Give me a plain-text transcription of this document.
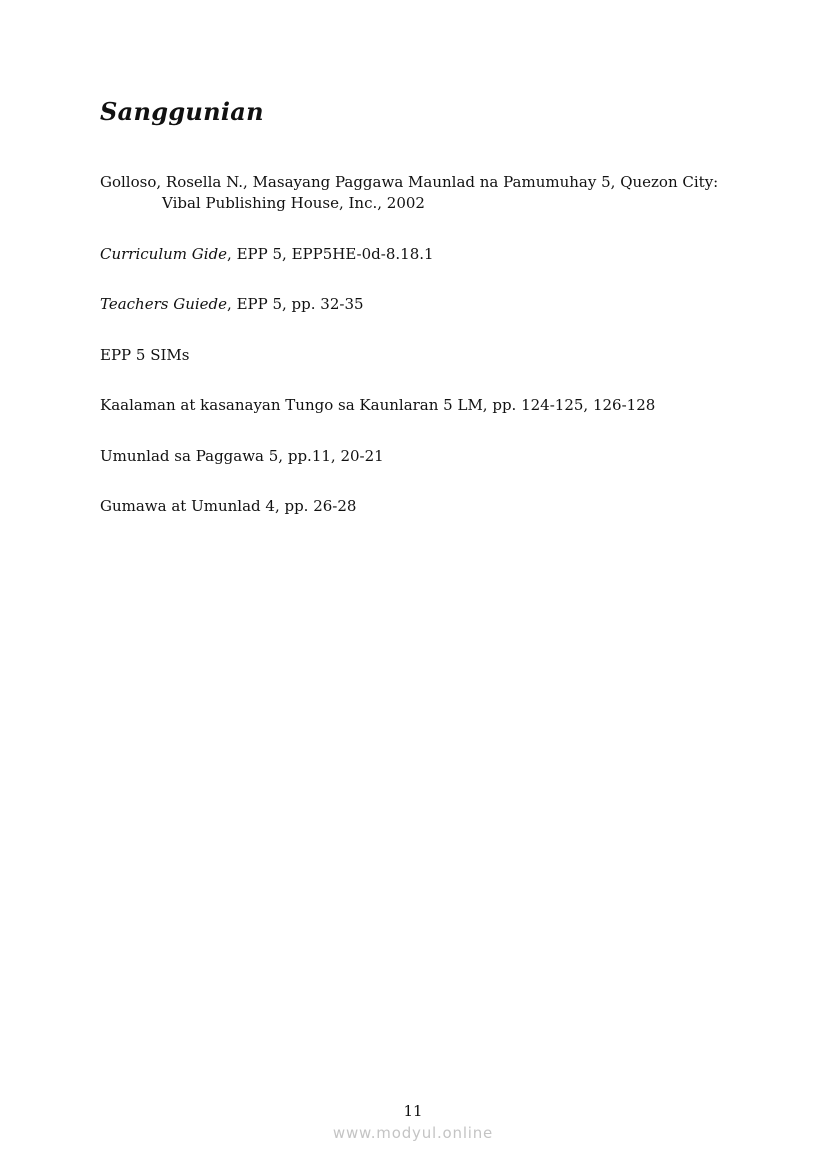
Sanggunian

Golloso, Rosella N., Masayang Paggawa Maunlad na Pamumuhay 5, Quezon City:
Vibal Publishing House, Inc., 2002

Curriculum Gide, EPP 5, EPP5HE-0d-8.18.1

Teachers Guiede, EPP 5, pp. 32-35

EPP 5 SIMs

Kaalaman at kasanayan Tungo sa Kaunlaran 5 LM, pp. 124-125, 126-128

Umunlad sa Paggawa 5, pp.11, 20-21

Gumawa at Umunlad 4, pp. 26-28

11
www.modyul.online
